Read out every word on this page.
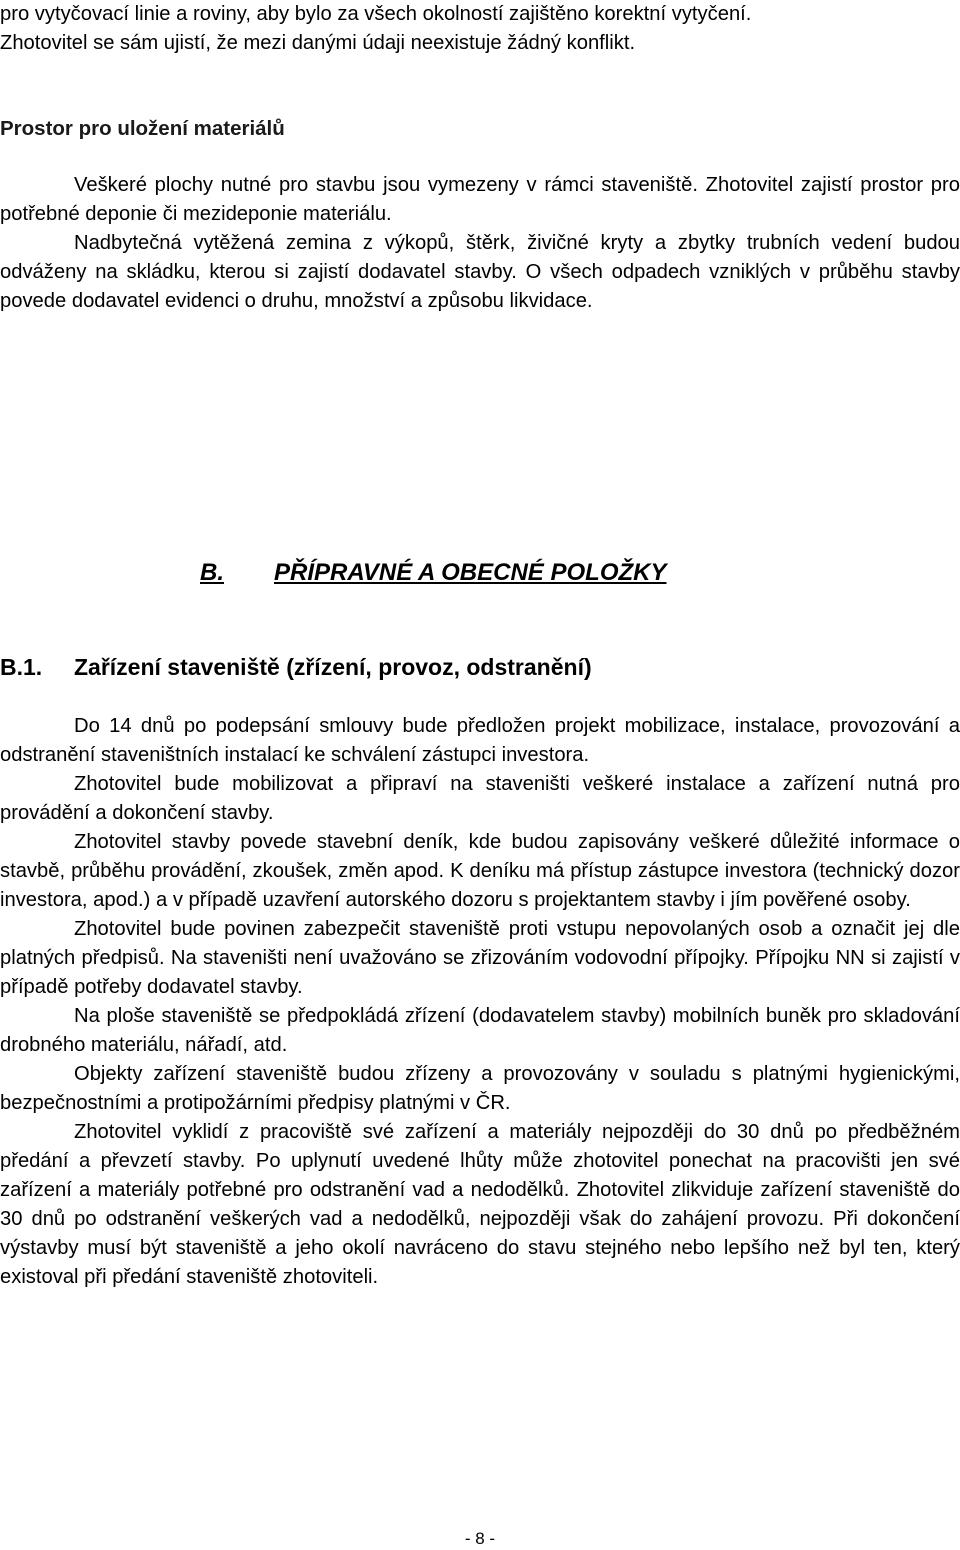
pro vytyčovací linie a roviny, aby bylo za všech okolností zajištěno korektní vytyčení.
Zhotovitel se sám ujistí, že mezi danými údaji neexistuje žádný konflikt.
Prostor pro uložení materiálů

Veškeré plochy nutné pro stavbu jsou vymezeny v rámci staveniště. Zhotovitel zajistí prostor pro potřebné deponie či mezideponie materiálu.

Nadbytečná vytěžená zemina z výkopů, štěrk, živičné kryty a zbytky trubních vedení budou odváženy na skládku, kterou si zajistí dodavatel stavby. O všech odpadech vzniklých v průběhu stavby povede dodavatel evidenci o druhu, množství a způsobu likvidace.

B. PŘÍPRAVNÉ A OBECNÉ POLOŽKY
B.1. Zařízení staveniště (zřízení, provoz, odstranění)

Do 14 dnů po podepsání smlouvy bude předložen projekt mobilizace, instalace, provozování a odstranění staveništních instalací ke schválení zástupci investora.

Zhotovitel bude mobilizovat a připraví na staveništi veškeré instalace a zařízení nutná pro provádění a dokončení stavby.

Zhotovitel stavby povede stavební deník, kde budou zapisovány veškeré důležité informace o stavbě, průběhu provádění, zkoušek, změn apod. K deníku má přístup zástupce investora (technický dozor investora, apod.) a v případě uzavření autorského dozoru s projektantem stavby i jím pověřené osoby.

Zhotovitel bude povinen zabezpečit staveniště proti vstupu nepovolaných osob a označit jej dle platných předpisů. Na staveništi není uvažováno se zřizováním vodovodní přípojky. Přípojku NN si zajistí v případě potřeby dodavatel stavby.

Na ploše staveniště se předpokládá zřízení (dodavatelem stavby) mobilních buněk pro skladování drobného materiálu, nářadí, atd.

Objekty zařízení staveniště budou zřízeny a provozovány v souladu s platnými hygienickými, bezpečnostními a protipožárními předpisy platnými v ČR.

Zhotovitel vyklidí z pracoviště své zařízení a materiály nejpozději do 30 dnů po předběžném předání a převzetí stavby. Po uplynutí uvedené lhůty může zhotovitel ponechat na pracovišti jen své zařízení a materiály potřebné pro odstranění vad a nedodělků. Zhotovitel zlikviduje zařízení staveniště do 30 dnů po odstranění veškerých vad a nedodělků, nejpozději však do zahájení provozu. Při dokončení výstavby musí být staveniště a jeho okolí navráceno do stavu stejného nebo lepšího než byl ten, který existoval při předání staveniště zhotoviteli.

- 8 -
